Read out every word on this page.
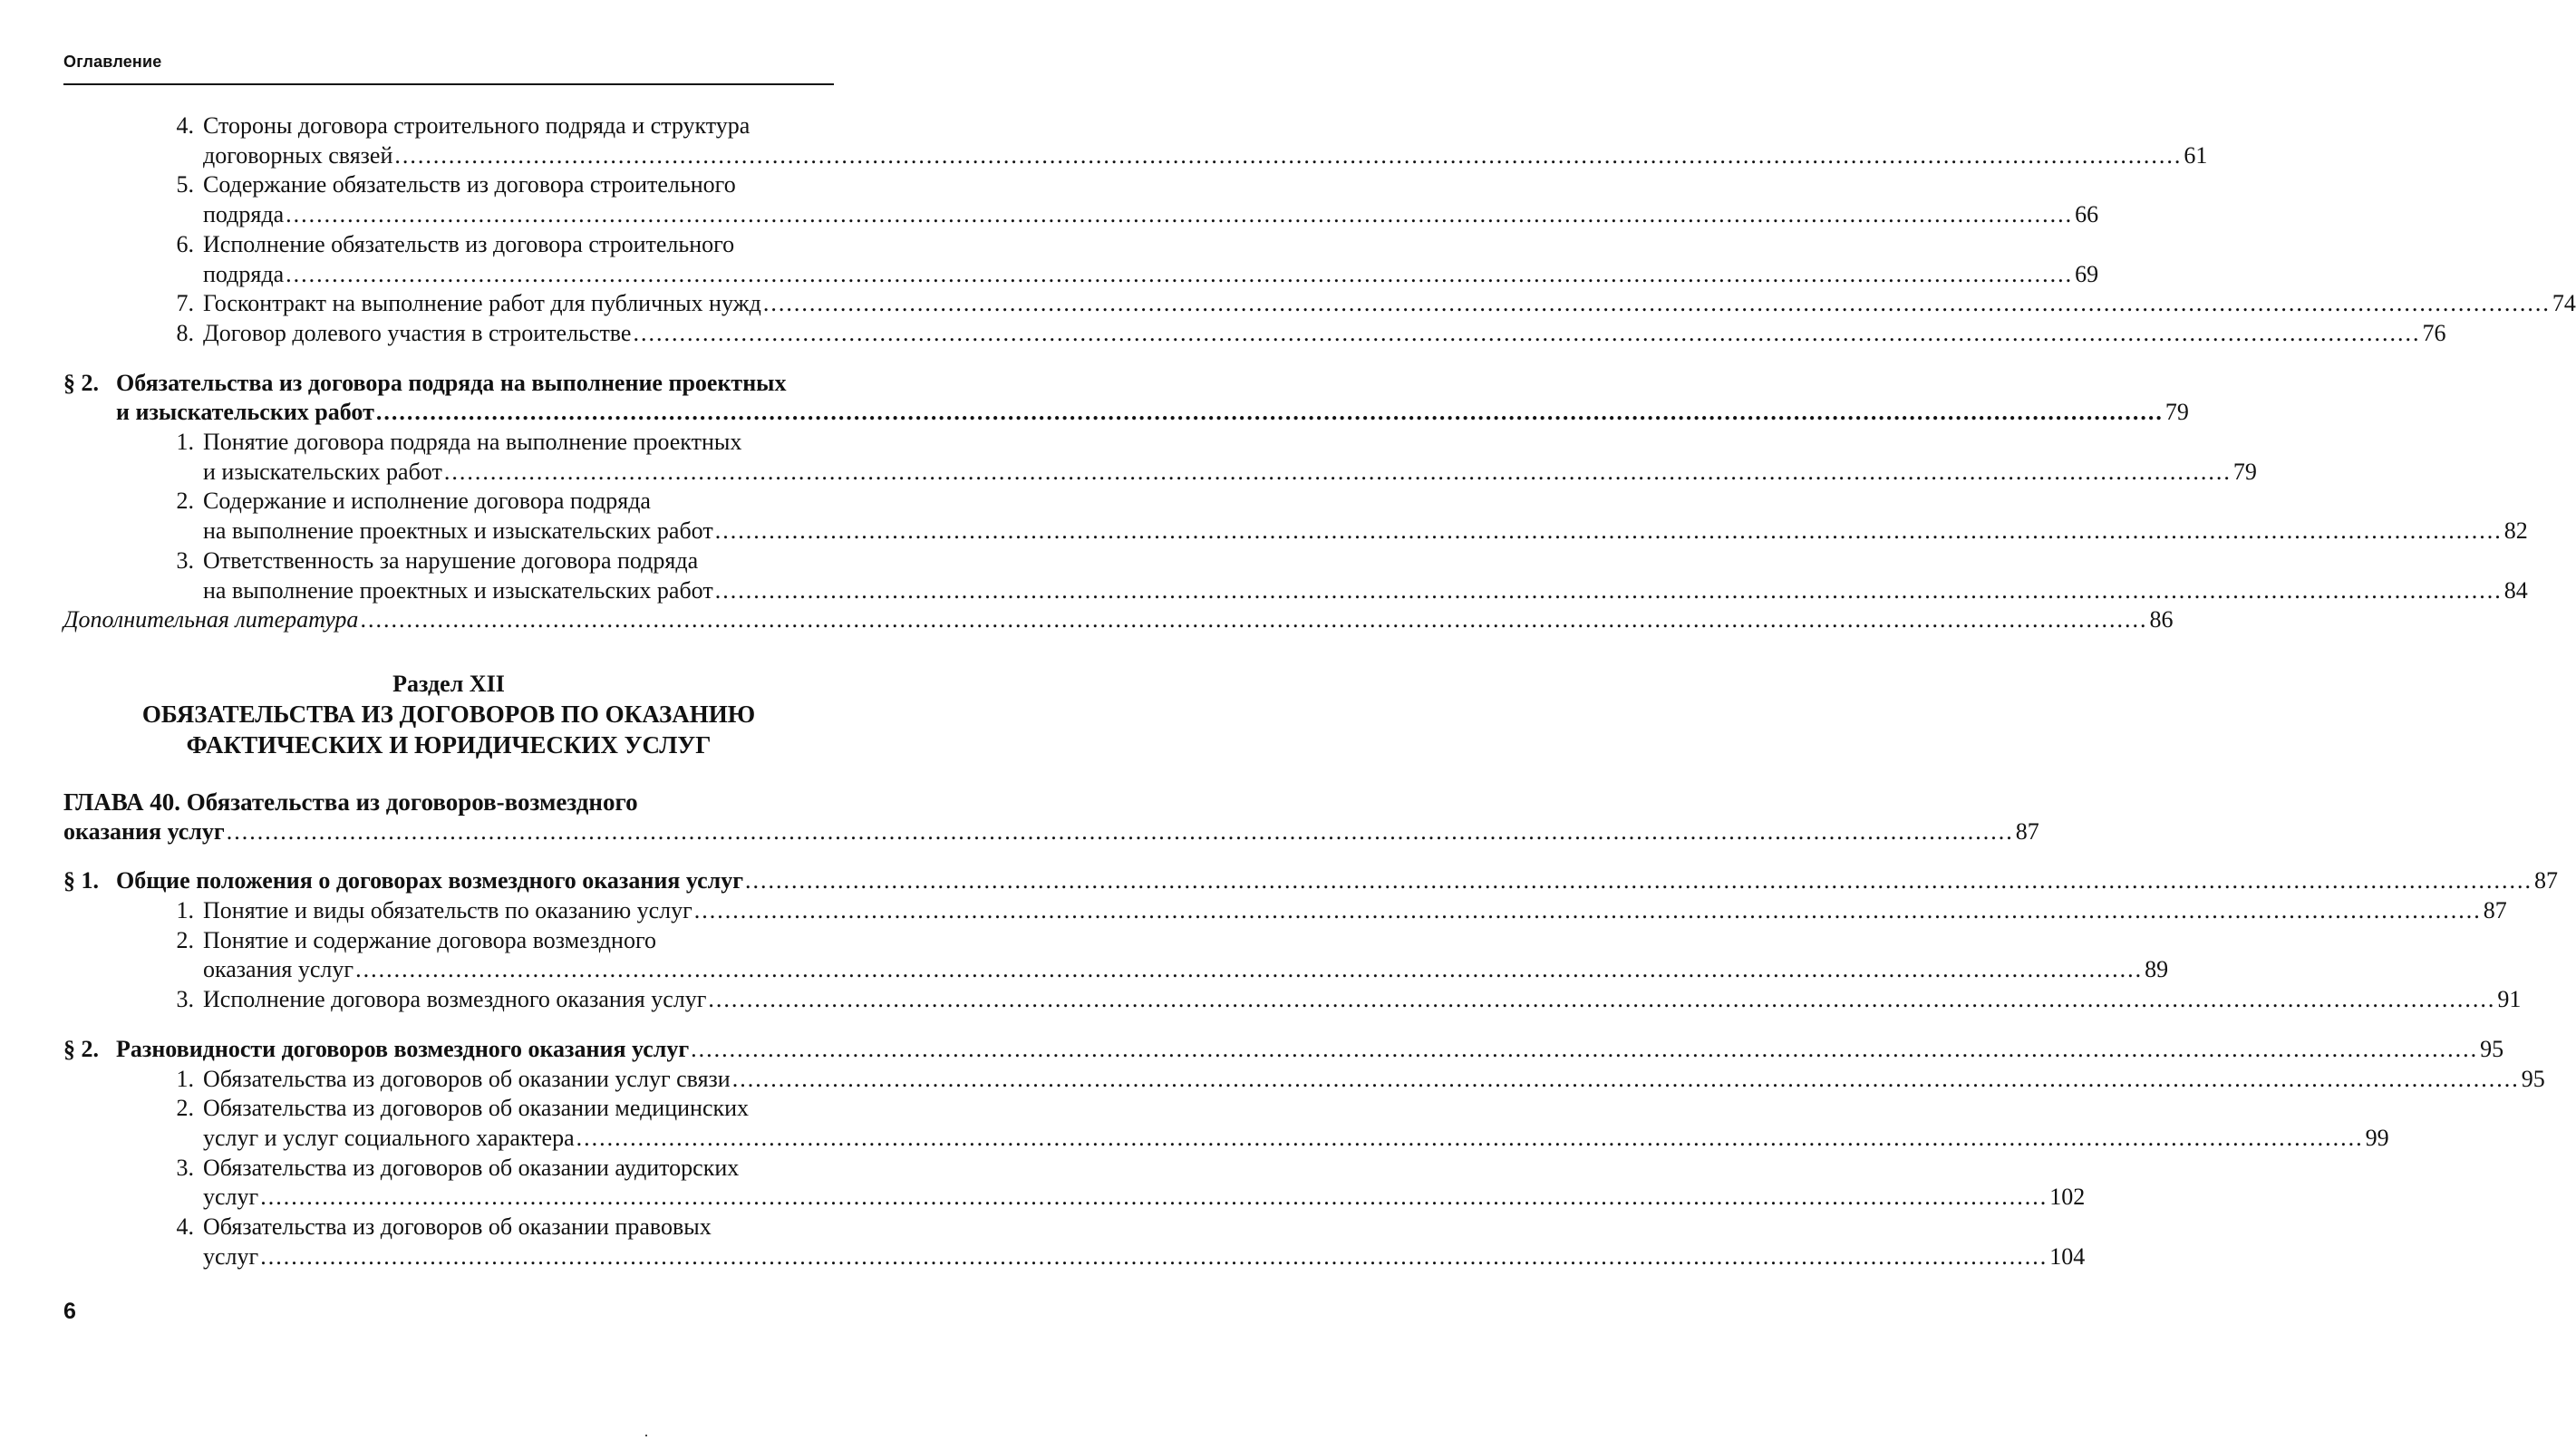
Оглавление
4. Стороны договора строительного подряда и структура
договорных связей .....	61
5. Содержание обязательств из договора строительного
подряда .....	66
6. Исполнение обязательств из договора строительного
подряда .....	69
7. Госконтракт на выполнение работ для публичных нужд .....	74
8. Договор долевого участия в строительстве .....	76
§ 2. Обязательства из договора подряда на выполнение проектных
и изыскательских работ .....	79
1. Понятие договора подряда на выполнение проектных
и изыскательских работ .....	79
2. Содержание и исполнение договора подряда
на выполнение проектных и изыскательских работ .....	82
3. Ответственность за нарушение договора подряда
на выполнение проектных и изыскательских работ .....	84
Дополнительная литература .....	86
Раздел XII
ОБЯЗАТЕЛЬСТВА ИЗ ДОГОВОРОВ ПО ОКАЗАНИЮ
ФАКТИЧЕСКИХ И ЮРИДИЧЕСКИХ УСЛУГ
ГЛАВА 40. Обязательства из договоров-возмездного
оказания услуг .....	87
§ 1. Общие положения о договорах возмездного оказания услуг .....	87
1. Понятие и виды обязательств по оказанию услуг .....	87
2. Понятие и содержание договора возмездного
оказания услуг .....	89
3. Исполнение договора возмездного оказания услуг .....	91
§ 2. Разновидности договоров возмездного оказания услуг .....	95
1. Обязательства из договоров об оказании услуг связи .....	95
2. Обязательства из договоров об оказании медицинских
услуг и услуг социального характера .....	99
3. Обязательства из договоров об оказании аудиторских
услуг .....	102
4. Обязательства из договоров об оказании правовых
услуг .....	104
6
